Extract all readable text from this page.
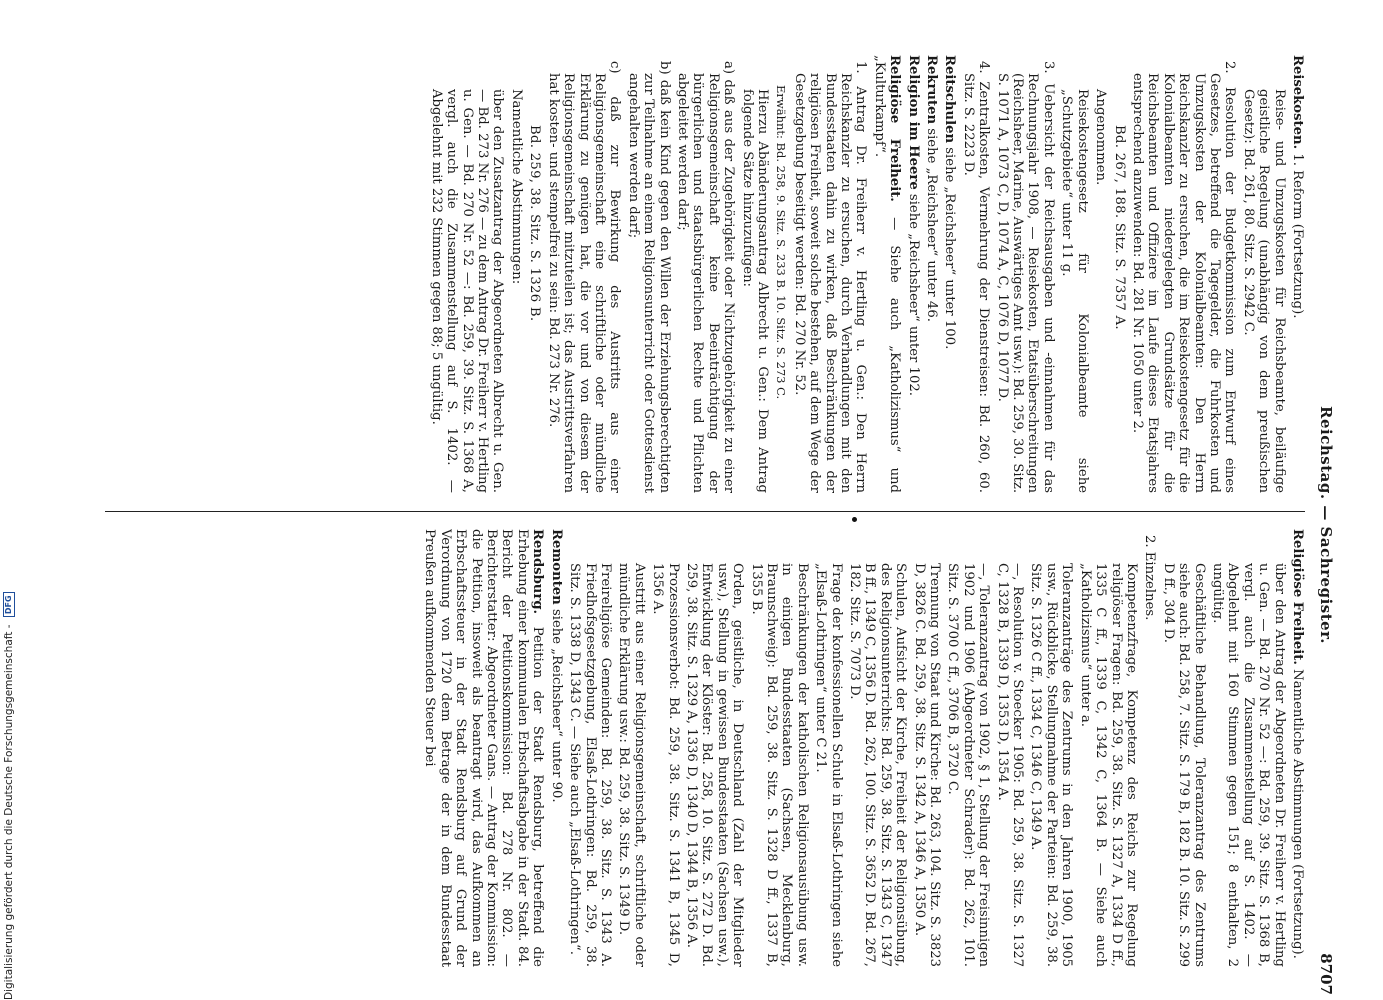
Reichstag. — Sachregister.
8707

Reisekosten. 1. Reform (Fortsetzung).

Reise- und Umzugskosten für Reichsbeamte, beiläufige geistliche Regelung (unabhängig von dem preußischen Gesetz): Bd. 261, 80. Sitz. S. 2942 C.

2. Resolution der Budgetkommission zum Entwurf eines Gesetzes, betreffend die Tagegelder, die Fuhrkosten und Umzugskosten der Kolonialbeamten: Den Herrn Reichskanzler zu ersuchen, die im Reisekostengesetz für die Kolonialbeamten niedergelegten Grundsätze für die Reichsbeamten und Offiziere im Laufe dieses Etatsjahres entsprechend anzuwenden: Bd. 281 Nr. 1050 unter 2.

Bd. 267, 188. Sitz. S. 7357 A.

Angenommen.

Reisekostengesetz für Kolonialbeamte siehe „Schutzgebiete“ unter 11 g.

3. Uebersicht der Reichsausgaben und -einnahmen für das Rechnungsjahr 1908, — Reisekosten, Etatsüberschreitungen (Reichsheer, Marine, Auswärtiges Amt usw.): Bd. 259, 30. Sitz. S. 1071 A, 1073 C, D, 1074 A, C, 1076 D, 1077 D.

4. Zentralkosten, Vermehrung der Dienstreisen: Bd. 260, 60. Sitz. S. 2223 D.

Reitschulen siehe „Reichsheer“ unter 100.

Rekruten siehe „Reichsheer“ unter 46.

Religion im Heere siehe „Reichsheer“ unter 102.

Religiöse Freiheit. — Siehe auch „Katholizismus“ und „Kulturkampf“.

1. Antrag Dr. Freiherr v. Hertling u. Gen.: Den Herrn Reichskanzler zu ersuchen, durch Verhandlungen mit den Bundesstaaten dahin zu wirken, daß Beschränkungen der religiösen Freiheit, soweit solche bestehen, auf dem Wege der Gesetzgebung beseitigt werden: Bd. 270 Nr. 52.

Erwähnt: Bd. 258, 9. Sitz. S. 233 B. 10. Sitz. S. 273 C.

Hierzu Abänderungsantrag Albrecht u. Gen.: Dem Antrag folgende Sätze hinzuzufügen:

a) daß aus der Zugehörigkeit oder Nichtzugehörigkeit zu einer Religionsgemeinschaft keine Beeinträchtigung der bürgerlichen und staatsbürgerlichen Rechte und Pflichten abgeleitet werden darf;

b) daß kein Kind gegen den Willen der Erziehungsberechtigten zur Teilnahme an einem Religionsunterricht oder Gottesdienst angehalten werden darf;

c) daß zur Bewirkung des Austritts aus einer Religionsgemeinschaft eine schriftliche oder mündliche Erklärung zu genügen hat, die vor und von diesem der Religionsgemeinschaft mitzuteilen ist; das Austrittsverfahren hat kosten- und stempelfrei zu sein: Bd. 273 Nr. 276.

Bd. 259, 38. Sitz. S. 1326 B.

Namentliche Abstimmungen:

über den Zusatzantrag der Abgeordneten Albrecht u. Gen. — Bd. 273 Nr. 276 — zu dem Antrag Dr. Freiherr v. Hertling u. Gen. — Bd. 270 Nr. 52 —: Bd. 259, 39. Sitz. S. 1368 A, vergl. auch die Zusammenstellung auf S. 1402. — Abgelehnt mit 232 Stimmen gegen 88; 5 ungültig.

Religiöse Freiheit. Namentliche Abstimmungen (Fortsetzung).

über den Antrag der Abgeordneten Dr. Freiherr v. Hertling u. Gen. — Bd. 270 Nr. 52 —: Bd. 259, 39. Sitz. S. 1368 B, vergl. auch die Zusammenstellung auf S. 1402. — Abgelehnt mit 160 Stimmen gegen 151; 8 enthalten, 2 ungültig.

Geschäftliche Behandlung, Toleranzantrag des Zentrums siehe auch: Bd. 258, 7. Sitz. S. 179 B, 182 B. 10. Sitz. S. 299 D ff., 304 D.

2. Einzelnes.

Kompetenzfrage, Kompetenz des Reichs zur Regelung religiöser Fragen: Bd. 259, 38. Sitz. S. 1327 A, 1334 D ff., 1335 C ff., 1339 C, 1342 C, 1364 B. — Siehe auch „Katholizismus“ unter a.

Toleranzanträge des Zentrums in den Jahren 1900, 1905 usw., Rückblicke, Stellungnahme der Parteien: Bd. 259, 38. Sitz. S. 1326 C ff., 1334 C, 1346 C, 1349 A.

—, Resolution v. Stoecker 1905: Bd. 259, 38. Sitz. S. 1327 C, 1328 B, 1339 D, 1353 D, 1354 A.

—, Toleranzantrag von 1902, § 1, Stellung der Freisinnigen 1902 und 1906 (Abgeordneter Schrader): Bd. 262, 101. Sitz. S. 3700 C ff., 3706 B, 3720 C.

Trennung von Staat und Kirche: Bd. 263, 104. Sitz. S. 3823 D, 3826 C. Bd. 259, 38. Sitz. S. 1342 A, 1346 A, 1350 A.

Schulen, Aufsicht der Kirche, Freiheit der Religionsübung, des Religionsunterrichts: Bd. 259, 38. Sitz. S. 1343 C, 1347 B ff., 1349 C, 1356 D. Bd. 262, 100. Sitz. S. 3652 D. Bd. 267, 182. Sitz. S. 7073 D.

Frage der konfessionellen Schule in Elsaß-Lothringen siehe „Elsaß-Lothringen“ unter C 21.

Beschränkungen der katholischen Religionsausübung usw. in einigen Bundesstaaten (Sachsen, Mecklenburg, Braunschweig): Bd. 259, 38. Sitz. S. 1328 D ff., 1337 B, 1355 B.

Orden, geistliche, in Deutschland (Zahl der Mitglieder usw.), Stellung in gewissen Bundesstaaten (Sachsen usw.), Entwicklung der Klöster: Bd. 258, 10. Sitz. S. 272 D. Bd. 259, 38. Sitz. S. 1329 A, 1336 D, 1340 D, 1344 B, 1356 A.

Prozessionsverbot: Bd. 259, 38. Sitz. S. 1341 B, 1345 D, 1356 A.

Austritt aus einer Religionsgemeinschaft, schriftliche oder mündliche Erklärung usw.: Bd. 259, 38. Sitz. S. 1349 D.

Freireligiöse Gemeinden: Bd. 259, 38. Sitz. S. 1343 A. Friedhofsgesetzgebung, Elsaß-Lothringen: Bd. 259, 38. Sitz. S. 1338 D, 1343 C. — Siehe auch „Elsaß-Lothringen“.

Remonten siehe „Reichsheer“ unter 90.

Rendsburg. Petition der Stadt Rendsburg, betreffend die Erhebung einer kommunalen Erbschaftsabgabe in der Stadt. 84. Bericht der Petitionskommission: Bd. 278 Nr. 802. — Berichterstatter: Abgeordneter Gans. — Antrag der Kommission: die Petition, insoweit als beantragt wird, das Aufkommen an Erbschaftssteuer in der Stadt Rendsburg auf Grund der Verordnung von 1720 dem Betrage der in dem Bundesstaat Preußen aufkommenden Steuer bei

Digitalisierung gefördert durch die Deutsche Forschungsgemeinschaft - DFG
